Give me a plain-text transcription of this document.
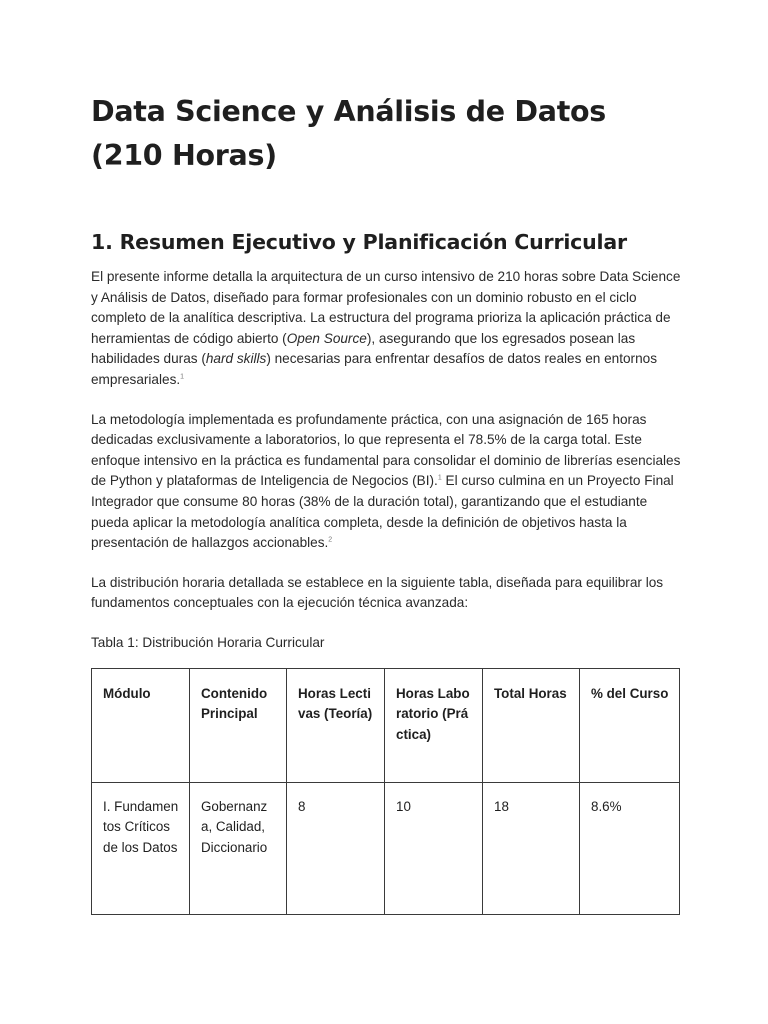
Data Science y Análisis de Datos (210 Horas)
1. Resumen Ejecutivo y Planificación Curricular

El presente informe detalla la arquitectura de un curso intensivo de 210 horas sobre Data Science y Análisis de Datos, diseñado para formar profesionales con un dominio robusto en el ciclo completo de la analítica descriptiva. La estructura del programa prioriza la aplicación práctica de herramientas de código abierto (Open Source), asegurando que los egresados posean las habilidades duras (hard skills) necesarias para enfrentar desafíos de datos reales en entornos empresariales.$^1$

La metodología implementada es profundamente práctica, con una asignación de 165 horas dedicadas exclusivamente a laboratorios, lo que representa el 78.5% de la carga total. Este enfoque intensivo en la práctica es fundamental para consolidar el dominio de librerías esenciales de Python y plataformas de Inteligencia de Negocios (BI).$^1$ El curso culmina en un Proyecto Final Integrador que consume 80 horas (38% de la duración total), garantizando que el estudiante pueda aplicar la metodología analítica completa, desde la definición de objetivos hasta la presentación de hallazgos accionables.$^2$

La distribución horaria detallada se establece en la siguiente tabla, diseñada para equilibrar los fundamentos conceptuales con la ejecución técnica avanzada:

Tabla 1: Distribución Horaria Curricular

Módulo	Contenido Principal	Horas Lectivas (Teoría)	Horas Laboratorio (Práctica)	Total Horas	% del Curso
I. Fundamentos Críticos de los Datos	Gobernanza, Calidad, Diccionario	8	10	18	8.6%
